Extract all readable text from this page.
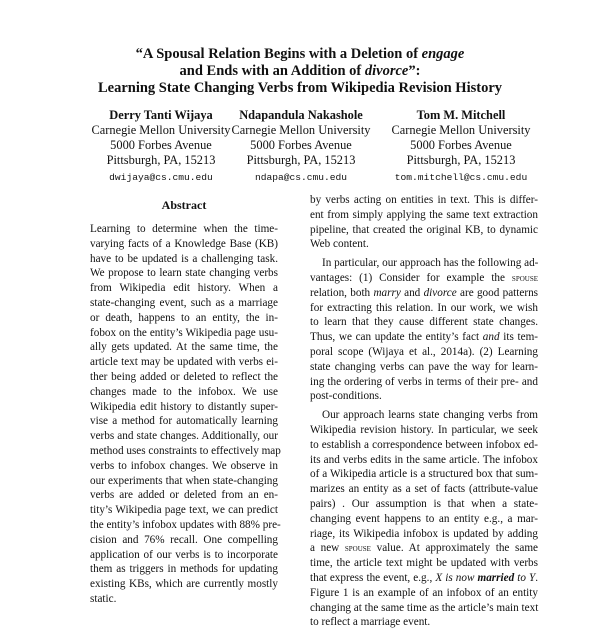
“A Spousal Relation Begins with a Deletion of engage
and Ends with an Addition of divorce”:
Learning State Changing Verbs from Wikipedia Revision History
Derry Tanti Wijaya
Carnegie Mellon University
5000 Forbes Avenue
Pittsburgh, PA, 15213
dwijaya@cs.cmu.edu
Ndapandula Nakashole
Carnegie Mellon University
5000 Forbes Avenue
Pittsburgh, PA, 15213
ndapa@cs.cmu.edu
Tom M. Mitchell
Carnegie Mellon University
5000 Forbes Avenue
Pittsburgh, PA, 15213
tom.mitchell@cs.cmu.edu
Abstract
Learning to determine when the time-
varying facts of a Knowledge Base (KB)
have to be updated is a challenging task.
We propose to learn state changing verbs
from Wikipedia edit history. When a
state-changing event, such as a marriage
or death, happens to an entity, the in-
fobox on the entity’s Wikipedia page usu-
ally gets updated. At the same time, the
article text may be updated with verbs ei-
ther being added or deleted to reflect the
changes made to the infobox. We use
Wikipedia edit history to distantly super-
vise a method for automatically learning
verbs and state changes. Additionally, our
method uses constraints to effectively map
verbs to infobox changes. We observe in
our experiments that when state-changing
verbs are added or deleted from an en-
tity’s Wikipedia page text, we can predict
the entity’s infobox updates with 88% pre-
cision and 76% recall. One compelling
application of our verbs is to incorporate
them as triggers in methods for updating
existing KBs, which are currently mostly
static.
by verbs acting on entities in text. This is differ-
ent from simply applying the same text extraction
pipeline, that created the original KB, to dynamic
Web content.
In particular, our approach has the following ad-
vantages: (1) Consider for example the spouse
relation, both marry and divorce are good patterns
for extracting this relation. In our work, we wish
to learn that they cause different state changes.
Thus, we can update the entity’s fact and its tem-
poral scope (Wijaya et al., 2014a). (2) Learning
state changing verbs can pave the way for learn-
ing the ordering of verbs in terms of their pre- and
post-conditions.
Our approach learns state changing verbs from
Wikipedia revision history. In particular, we seek
to establish a correspondence between infobox ed-
its and verbs edits in the same article. The infobox
of a Wikipedia article is a structured box that sum-
marizes an entity as a set of facts (attribute-value
pairs) . Our assumption is that when a state-
changing event happens to an entity e.g., a mar-
riage, its Wikipedia infobox is updated by adding
a new spouse value. At approximately the same
time, the article text might be updated with verbs
that express the event, e.g., X is now married to Y.
Figure 1 is an example of an infobox of an entity
changing at the same time as the article’s main text
to reflect a marriage event.
